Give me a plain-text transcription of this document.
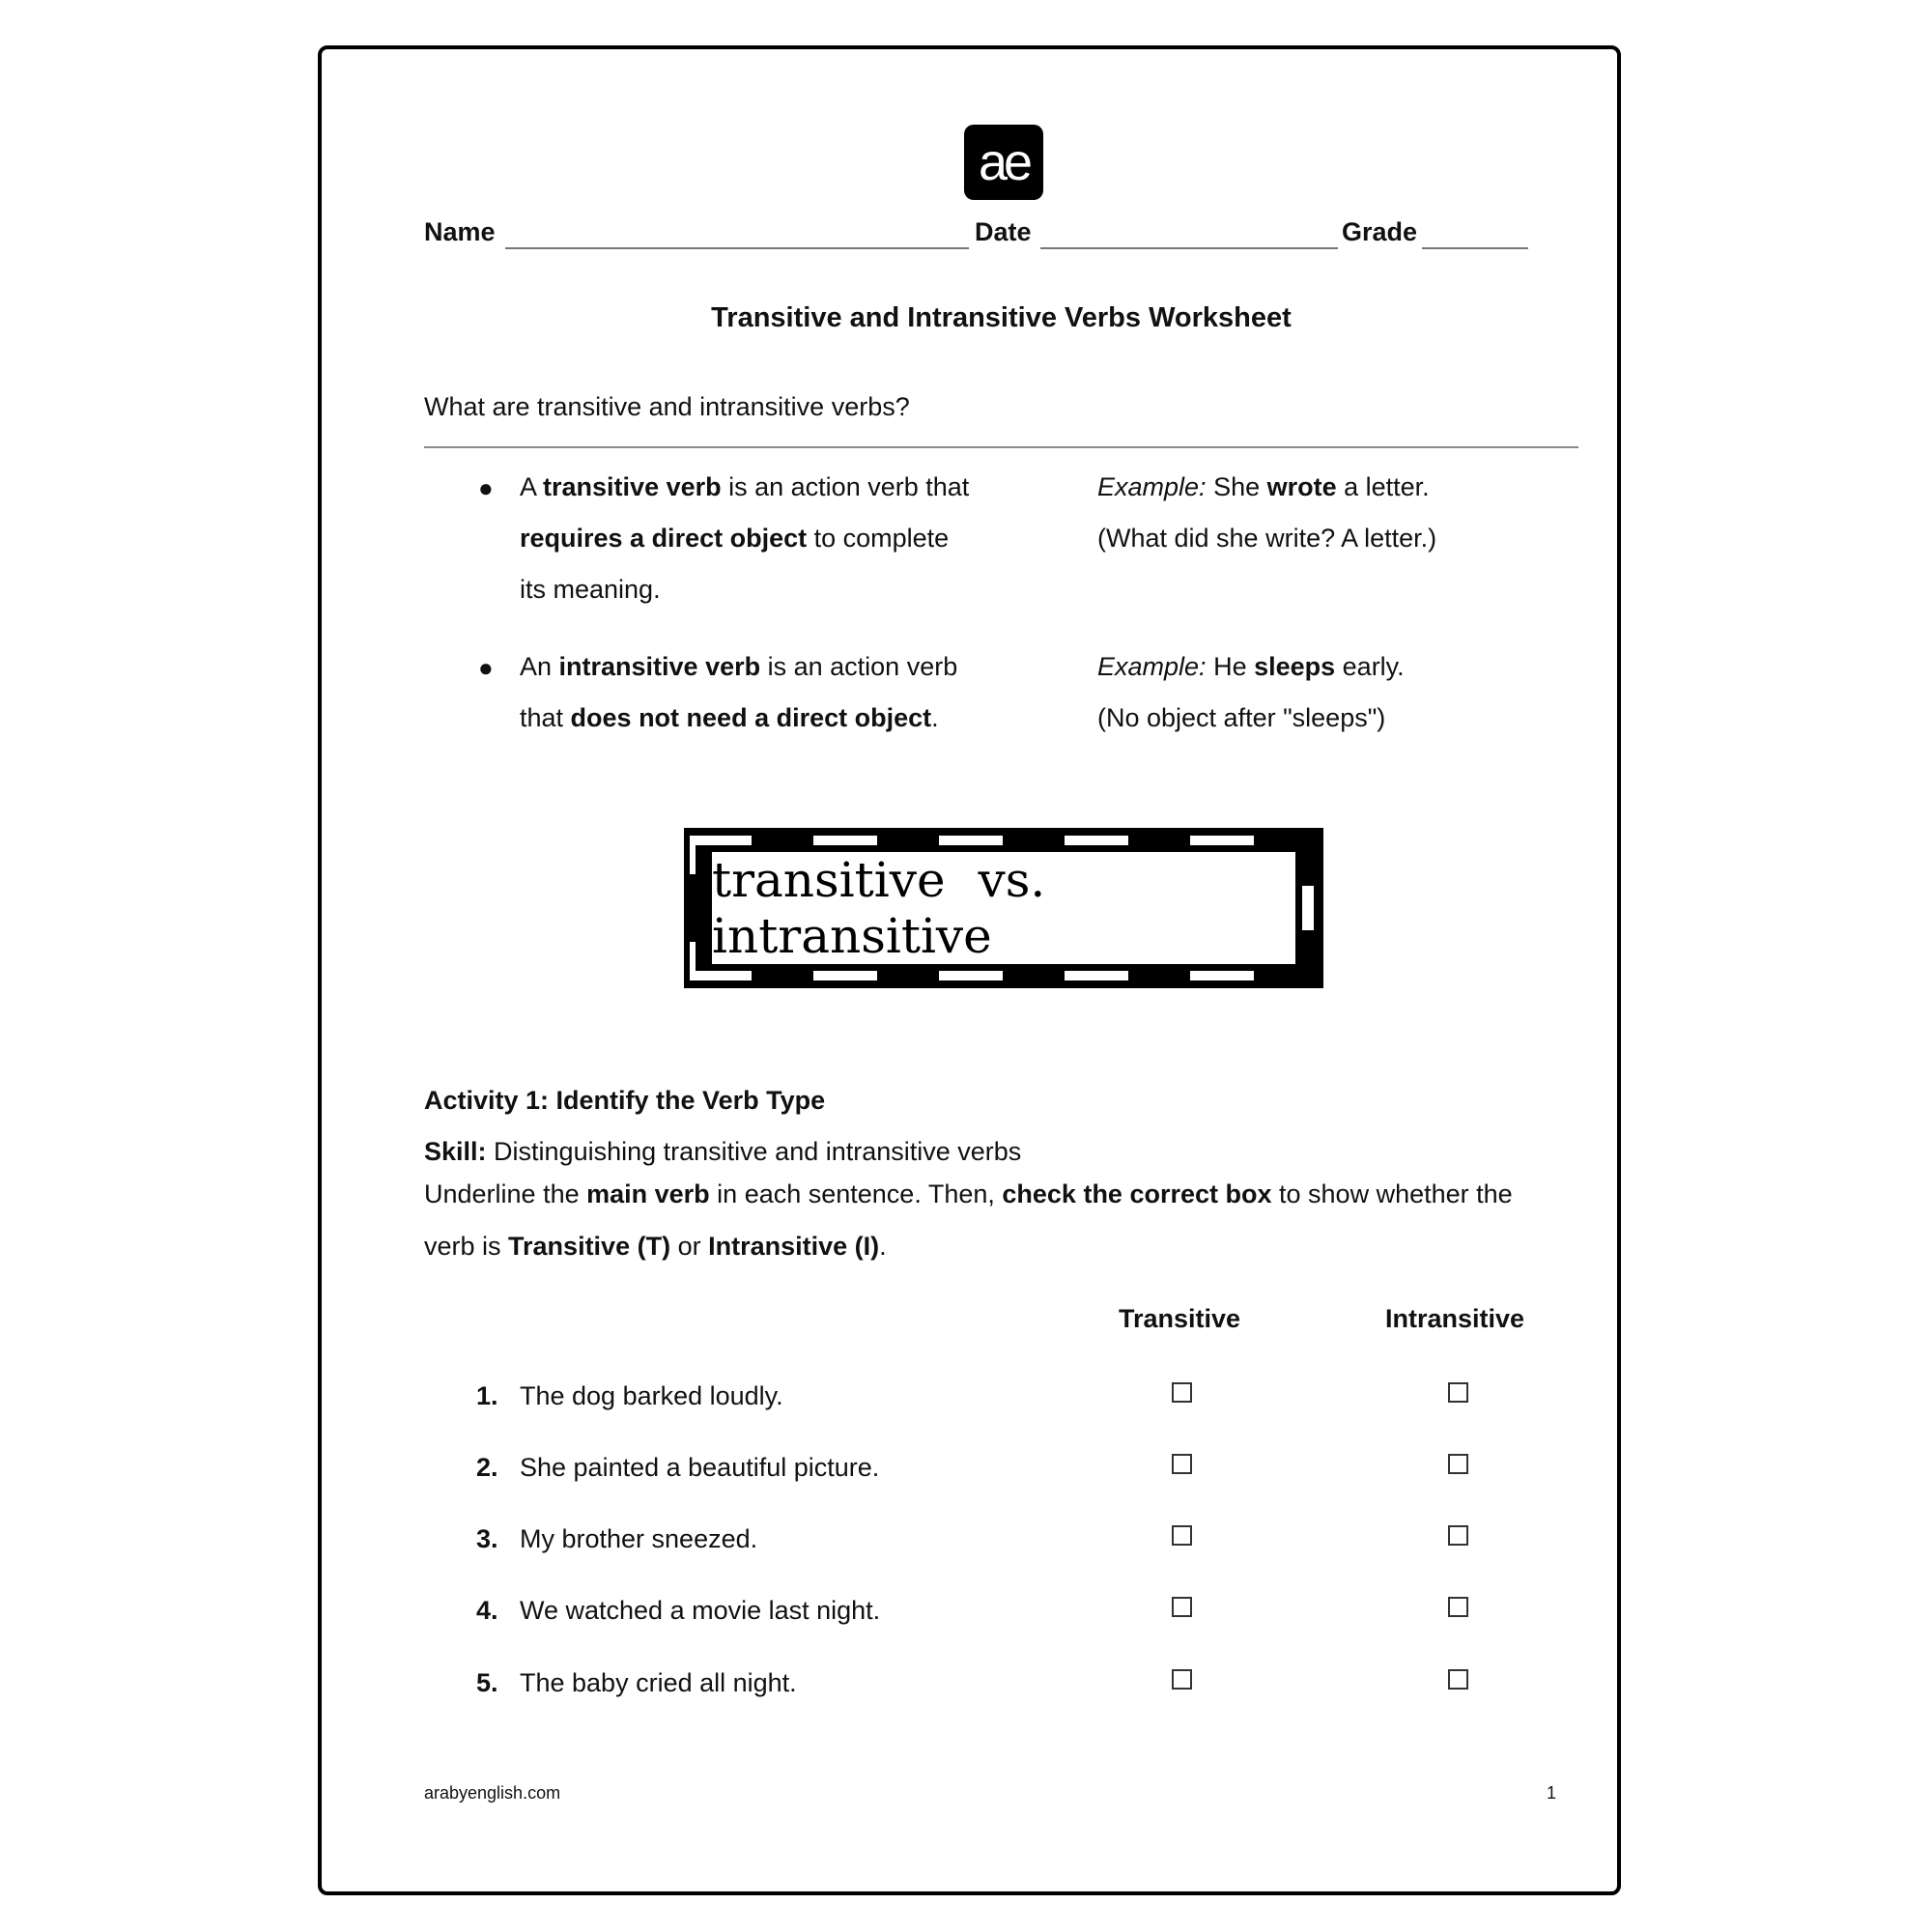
ae
Name	Date	Grade
Transitive and Intransitive Verbs Worksheet
What are transitive and intransitive verbs?
● A transitive verb is an action verb that
requires a direct object to complete
its meaning.
Example: She wrote a letter.
(What did she write? A letter.)
● An intransitive verb is an action verb
that does not need a direct object.
Example: He sleeps early.
(No object after "sleeps")
transitive vs. intransitive
Activity 1: Identify the Verb Type
Skill: Distinguishing transitive and intransitive verbs
Underline the main verb in each sentence. Then, check the correct box to show whether the
verb is Transitive (T) or Intransitive (I).
Transitive	Intransitive
1. The dog barked loudly.
2. She painted a beautiful picture.
3. My brother sneezed.
4. We watched a movie last night.
5. The baby cried all night.
arabyenglish.com	1
